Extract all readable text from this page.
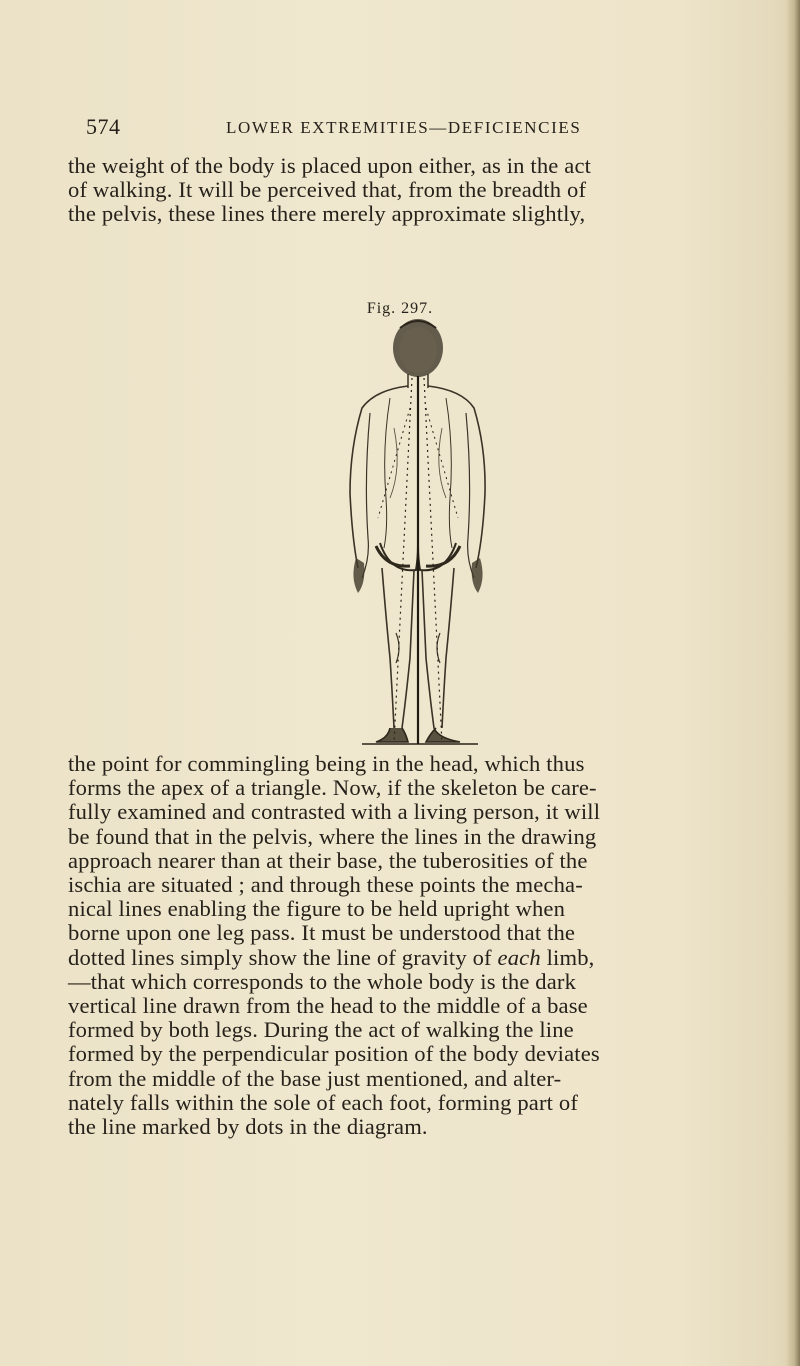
574	LOWER EXTREMITIES—DEFICIENCIES

the weight of the body is placed upon either, as in the act
of walking. It will be perceived that, from the breadth of
the pelvis, these lines there merely approximate slightly,

Fig. 297.

the point for commingling being in the head, which thus
forms the apex of a triangle. Now, if the skeleton be care-
fully examined and contrasted with a living person, it will
be found that in the pelvis, where the lines in the drawing
approach nearer than at their base, the tuberosities of the
ischia are situated ; and through these points the mecha-
nical lines enabling the figure to be held upright when
borne upon one leg pass. It must be understood that the
dotted lines simply show the line of gravity of each limb,
—that which corresponds to the whole body is the dark
vertical line drawn from the head to the middle of a base
formed by both legs. During the act of walking the line
formed by the perpendicular position of the body deviates
from the middle of the base just mentioned, and alter-
nately falls within the sole of each foot, forming part of
the line marked by dots in the diagram.
